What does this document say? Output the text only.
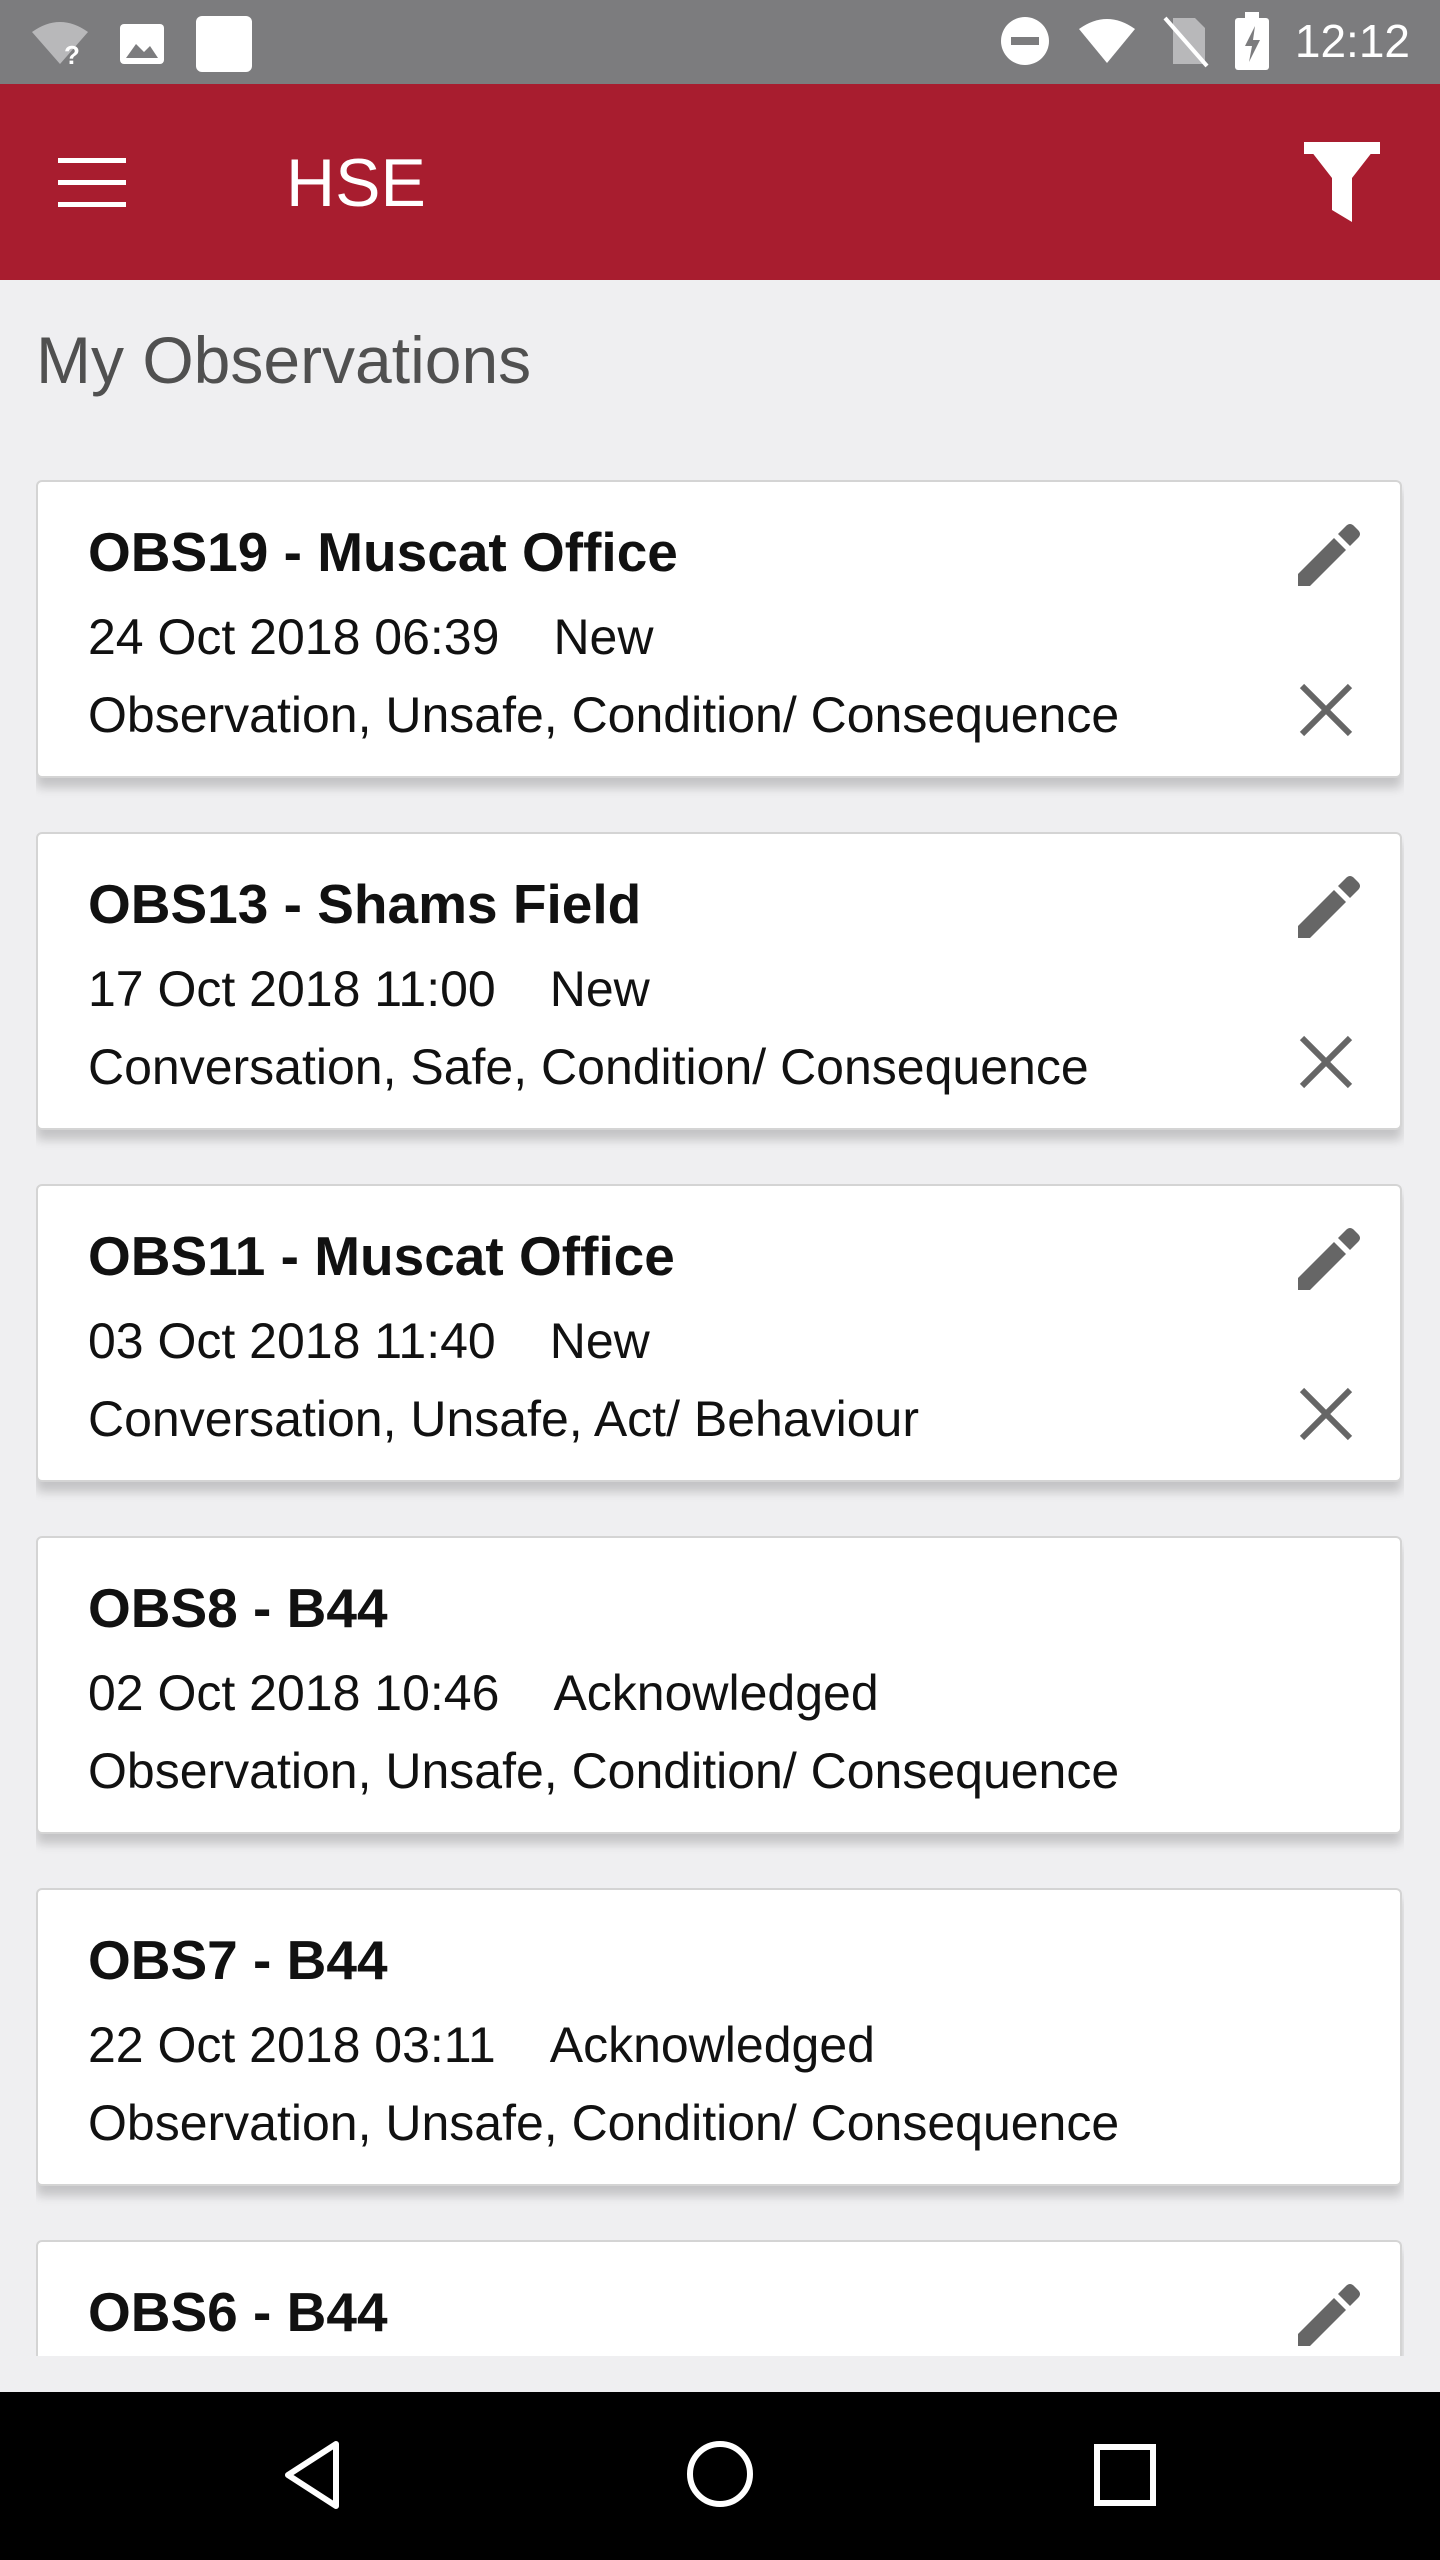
?	12:12
HSE
My Observations
OBS19 - Muscat Office
24 Oct 2018 06:39 New
Observation, Unsafe, Condition/ Consequence
OBS13 - Shams Field
17 Oct 2018 11:00 New
Conversation, Safe, Condition/ Consequence
OBS11 - Muscat Office
03 Oct 2018 11:40 New
Conversation, Unsafe, Act/ Behaviour
OBS8 - B44
02 Oct 2018 10:46 Acknowledged
Observation, Unsafe, Condition/ Consequence
OBS7 - B44
22 Oct 2018 03:11 Acknowledged
Observation, Unsafe, Condition/ Consequence
OBS6 - B44
